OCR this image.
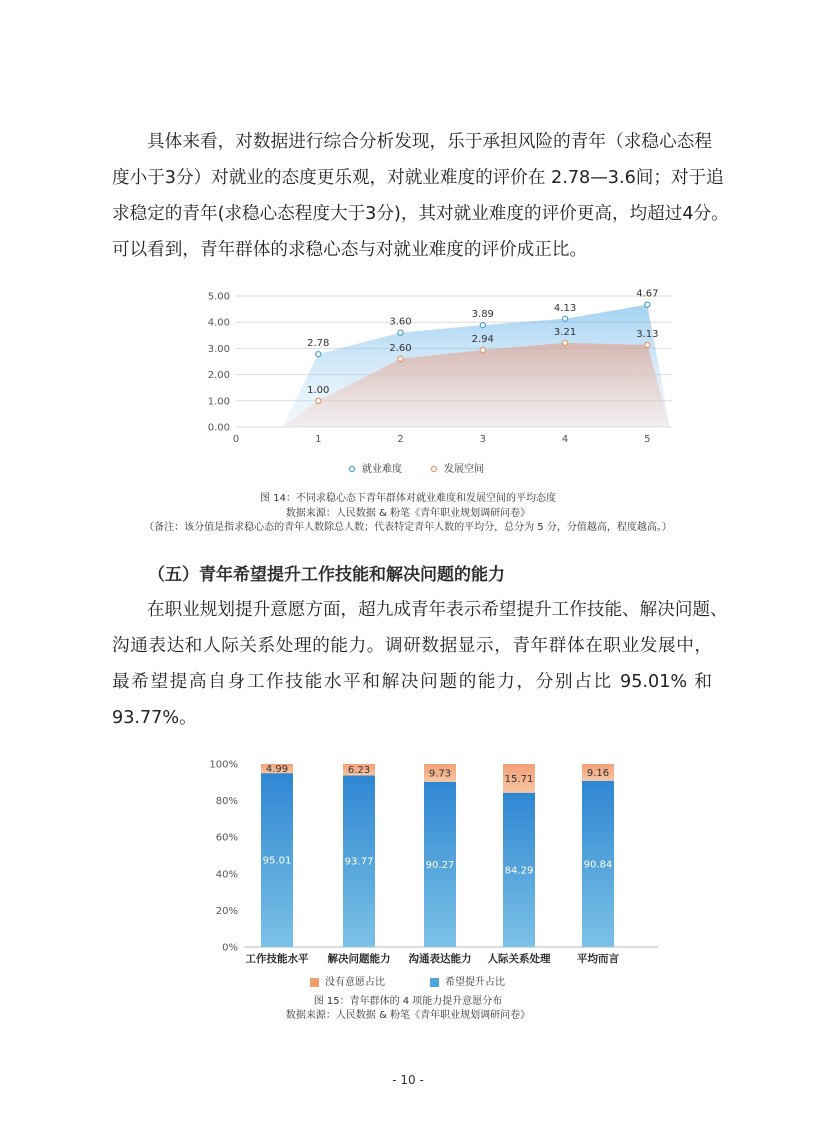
具体来看，对数据进行综合分析发现，乐于承担风险的青年（求稳心态程
度小于3分）对就业的态度更乐观，对就业难度的评价在 2.78—3.6间；对于追
求稳定的青年(求稳心态程度大于3分)，其对就业难度的评价更高，均超过4分。
可以看到，青年群体的求稳心态与对就业难度的评价成正比。
0.00
1.00
2.00
3.00
4.00
5.00
0	1	2	3	4	5
2.78
3.60
3.89
4.13
4.67
1.00
2.60
2.94
3.21	3.13
就业难度	发展空间
图 14：不同求稳心态下青年群体对就业难度和发展空间的平均态度
数据来源：人民数据 & 粉笔《青年职业规划调研问卷》
（备注：该分值是指求稳心态的青年人数除总人数；代表特定青年人数的平均分，总分为 5 分，分值越高，程度越高。）
（五）青年希望提升工作技能和解决问题的能力
在职业规划提升意愿方面，超九成青年表示希望提升工作技能、解决问题、
沟通表达和人际关系处理的能力。调研数据显示，青年群体在职业发展中，
最希望提高自身工作技能水平和解决问题的能力，分别占比 95.01% 和
93.77%。
0%
20%
40%
60%
80%
100%
95.01
4.99
93.77
6.23
90.27
9.73
84.29
15.71
90.84
9.16
工作技能水平 解决问题能力 沟通表达能力 人际关系处理	平均而言
没有意愿占比	希望提升占比
图 15：青年群体的 4 项能力提升意愿分布
数据来源：人民数据 & 粉笔《青年职业规划调研问卷》
- 10 -
